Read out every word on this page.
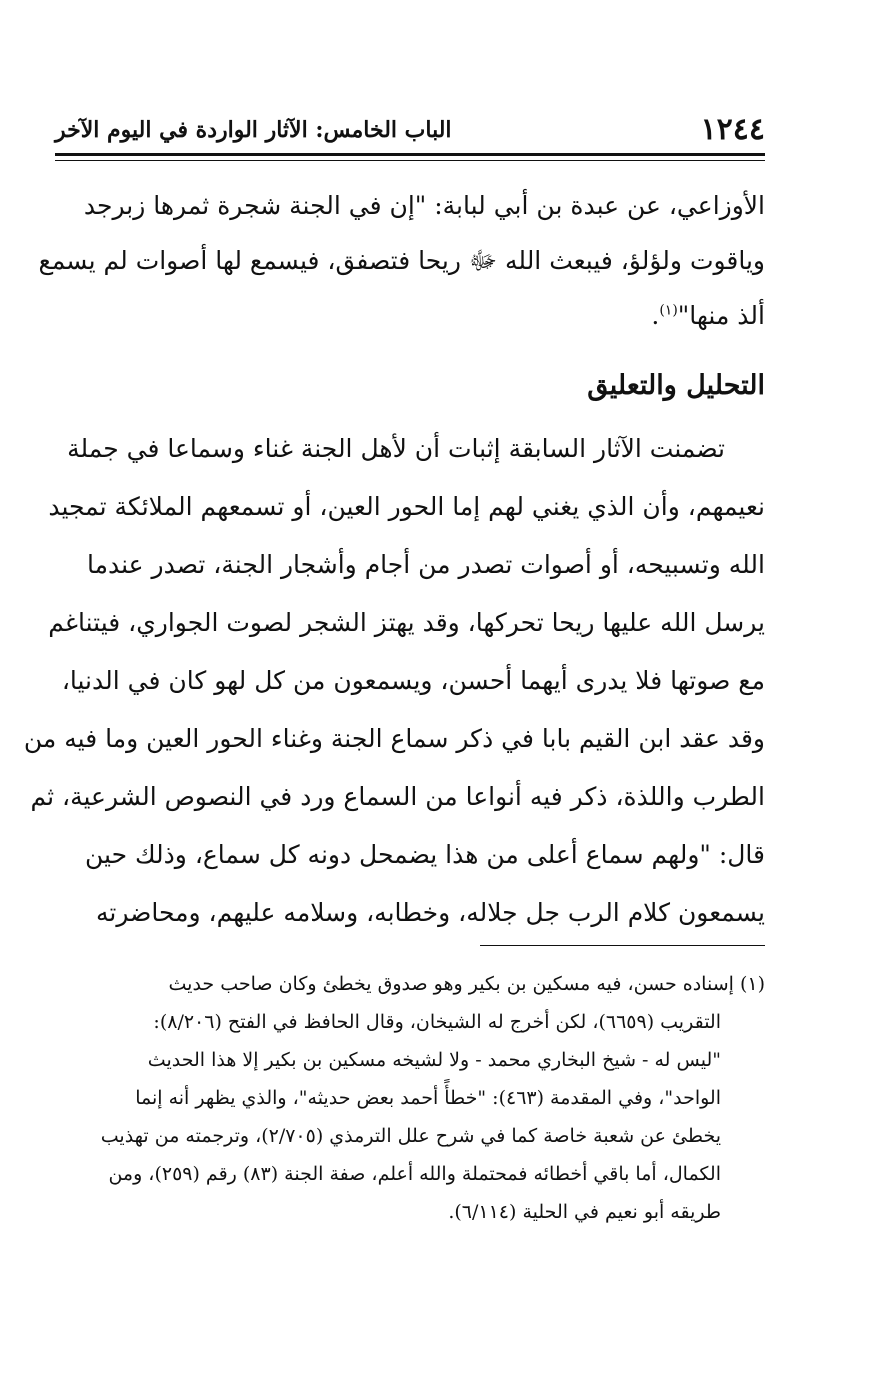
١٢٤٤
الباب الخامس: الآثار الواردة في اليوم الآخر
الأوزاعي، عن عبدة بن أبي لبابة: "إن في الجنة شجرة ثمرها زبرجد
وياقوت ولؤلؤ، فيبعث الله ﷻ ريحا فتصفق، فيسمع لها أصوات لم يسمع
ألذ منها"$^{(١)}$.
التحليل والتعليق
تضمنت الآثار السابقة إثبات أن لأهل الجنة غناء وسماعا في جملة
نعيمهم، وأن الذي يغني لهم إما الحور العين، أو تسمعهم الملائكة تمجيد
الله وتسبيحه، أو أصوات تصدر من أجام وأشجار الجنة، تصدر عندما
يرسل الله عليها ريحا تحركها، وقد يهتز الشجر لصوت الجواري، فيتناغم
مع صوتها فلا يدرى أيهما أحسن، ويسمعون من كل لهو كان في الدنيا،
وقد عقد ابن القيم بابا في ذكر سماع الجنة وغناء الحور العين وما فيه من
الطرب واللذة، ذكر فيه أنواعا من السماع ورد في النصوص الشرعية، ثم
قال: "ولهم سماع أعلى من هذا يضمحل دونه كل سماع، وذلك حين
يسمعون كلام الرب جل جلاله، وخطابه، وسلامه عليهم، ومحاضرته
(١) إسناده حسن، فيه مسكين بن بكير وهو صدوق يخطئ وكان صاحب حديث
التقريب (٦٦٥٩)، لكن أخرج له الشيخان، وقال الحافظ في الفتح (٨/٢٠٦):
"ليس له - شيخ البخاري محمد - ولا لشيخه مسكين بن بكير إلا هذا الحديث
الواحد"، وفي المقدمة (٤٦٣): "خطأً أحمد بعض حديثه"، والذي يظهر أنه إنما
يخطئ عن شعبة خاصة كما في شرح علل الترمذي (٢/٧٠٥)، وترجمته من تهذيب
الكمال، أما باقي أخطائه فمحتملة والله أعلم، صفة الجنة (٨٣) رقم (٢٥٩)، ومن
طريقه أبو نعيم في الحلية (٦/١١٤).
